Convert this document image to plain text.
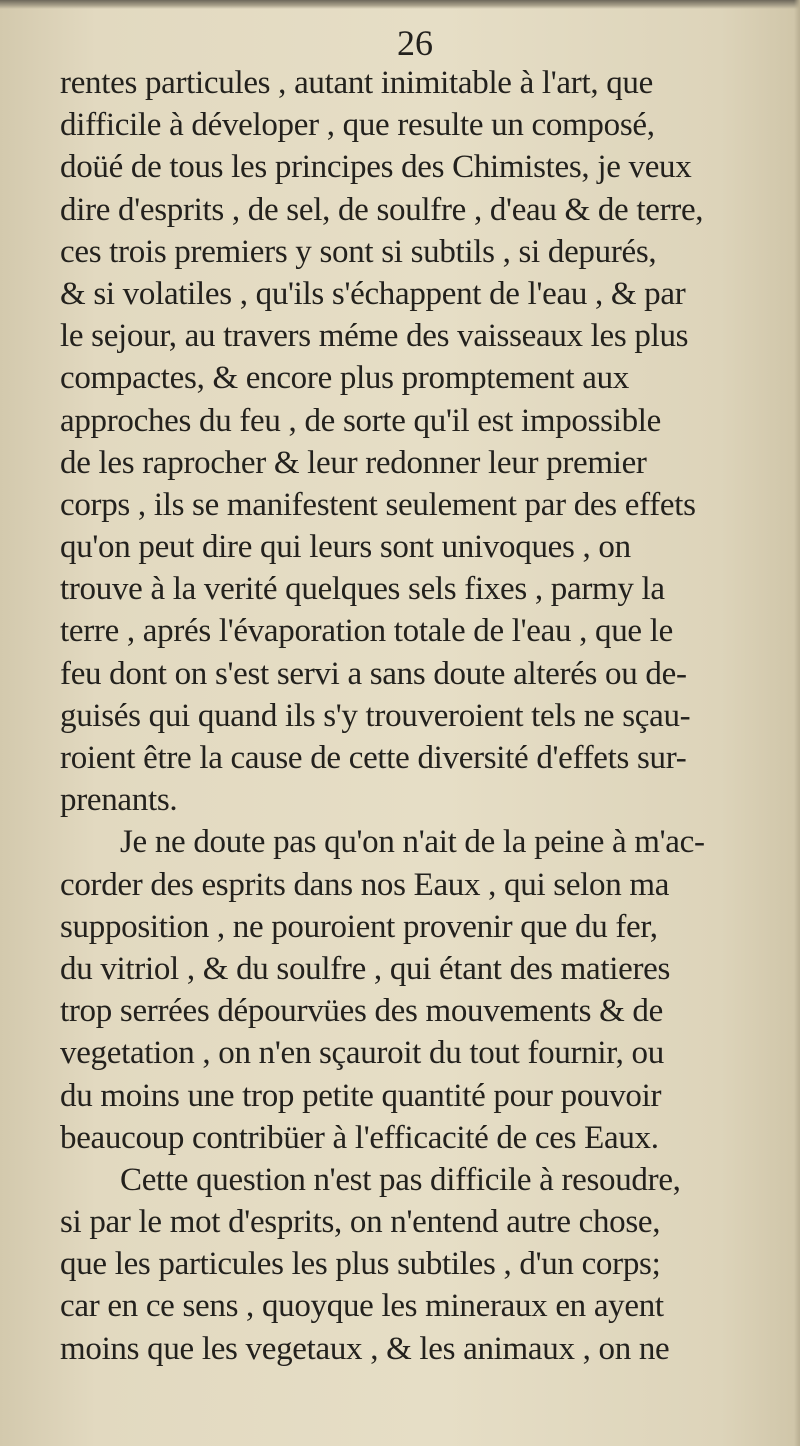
26
rentes particules , autant inimitable à l'art, que
difficile à déveloper , que resulte un composé,
doüé de tous les principes des Chimistes, je veux
dire d'esprits , de sel, de soulfre , d'eau & de terre,
ces trois premiers y sont si subtils , si depurés,
& si volatiles , qu'ils s'échappent de l'eau , & par
le sejour, au travers méme des vaisseaux les plus
compactes, & encore plus promptement aux
approches du feu , de sorte qu'il est impossible
de les raprocher & leur redonner leur premier
corps , ils se manifestent seulement par des effets
qu'on peut dire qui leurs sont univoques , on
trouve à la verité quelques sels fixes , parmy la
terre , aprés l'évaporation totale de l'eau , que le
feu dont on s'est servi a sans doute alterés ou de-
guisés qui quand ils s'y trouveroient tels ne sçau-
roient être la cause de cette diversité d'effets sur-
prenants.
Je ne doute pas qu'on n'ait de la peine à m'ac-
corder des esprits dans nos Eaux , qui selon ma
supposition , ne pouroient provenir que du fer,
du vitriol , & du soulfre , qui étant des matieres
trop serrées dépourvües des mouvements & de
vegetation , on n'en sçauroit du tout fournir, ou
du moins une trop petite quantité pour pouvoir
beaucoup contribüer à l'efficacité de ces Eaux.
Cette question n'est pas difficile à resoudre,
si par le mot d'esprits, on n'entend autre chose,
que les particules les plus subtiles , d'un corps;
car en ce sens , quoyque les mineraux en ayent
moins que les vegetaux , & les animaux , on ne
